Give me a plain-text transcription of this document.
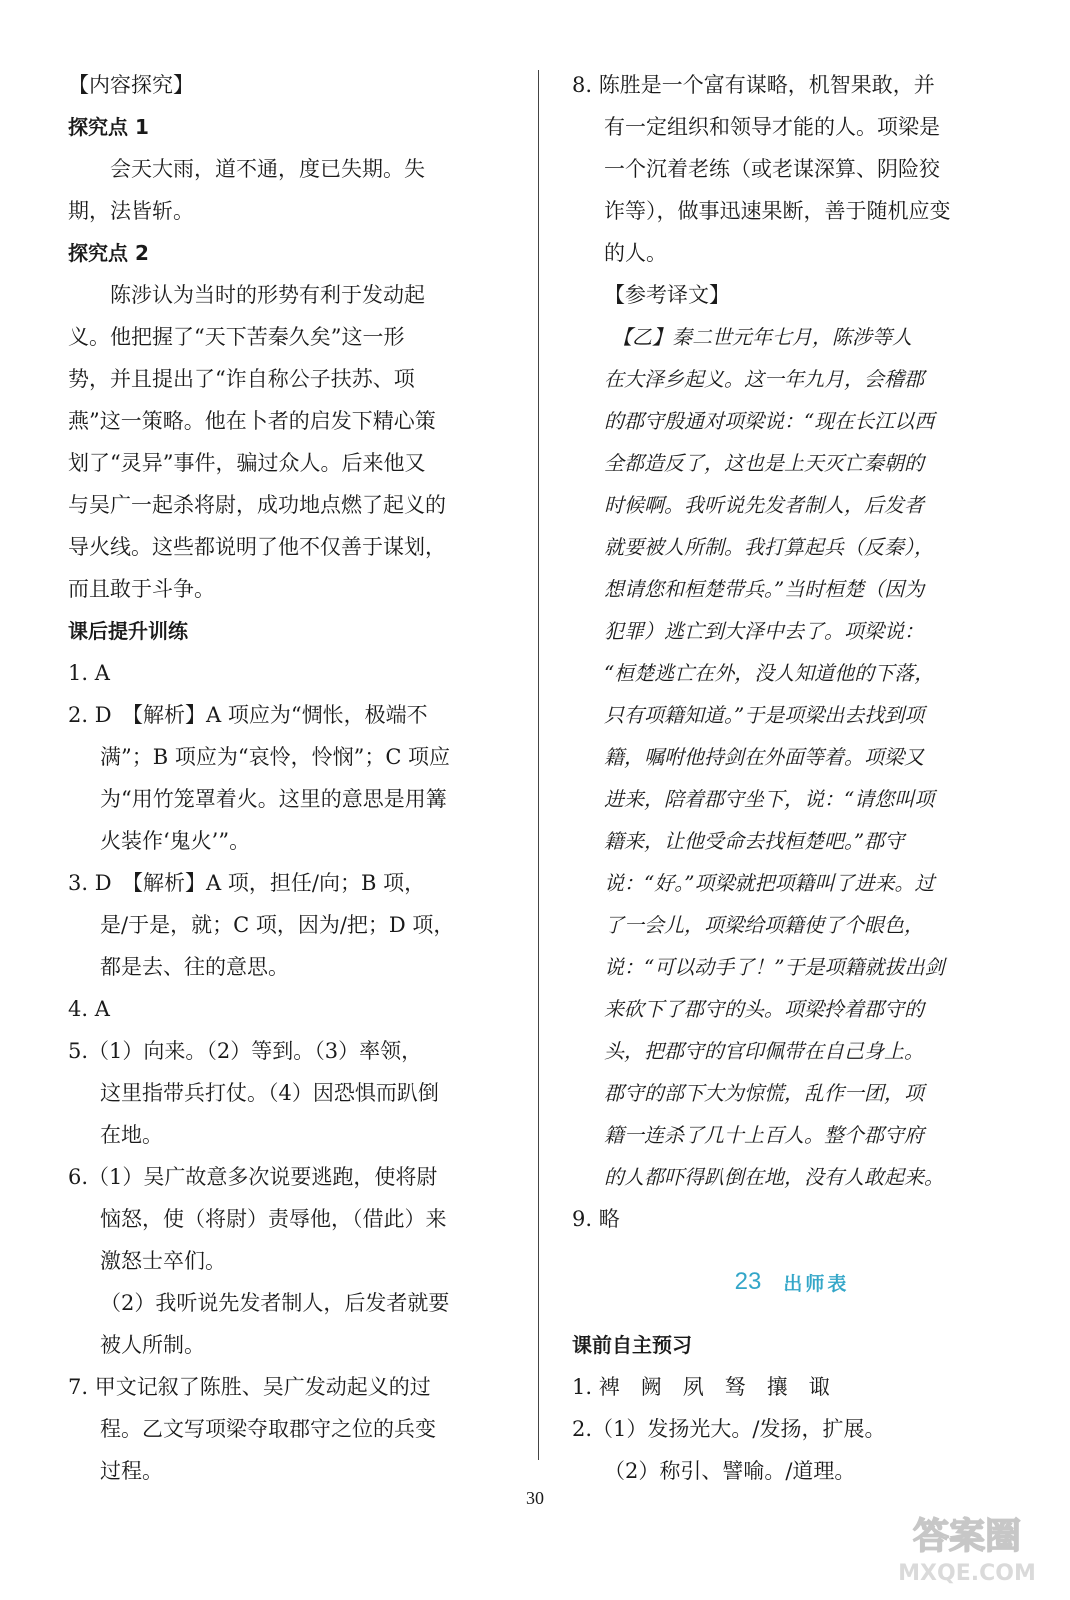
【内容探究】
探究点 1
会天大雨，道不通，度已失期。失
期，法皆斩。
探究点 2
陈涉认为当时的形势有利于发动起
义。他把握了“天下苦秦久矣”这一形
势，并且提出了“诈自称公子扶苏、项
燕”这一策略。他在卜者的启发下精心策
划了“灵异”事件，骗过众人。后来他又
与吴广一起杀将尉，成功地点燃了起义的
导火线。这些都说明了他不仅善于谋划，
而且敢于斗争。
课后提升训练
1. A
2. D　【解析】A 项应为“惆怅，极端不
满”；B 项应为“哀怜，怜悯”；C 项应
为“用竹笼罩着火。这里的意思是用篝
火装作‘鬼火’”。
3. D　【解析】A 项，担任/向；B 项，
是/于是，就；C 项，因为/把；D 项，
都是去、往的意思。
4. A
5.（1）向来。（2）等到。（3）率领，
这里指带兵打仗。（4）因恐惧而趴倒
在地。
6.（1）吴广故意多次说要逃跑，使将尉
恼怒，使（将尉）责辱他，（借此）来
激怒士卒们。
（2）我听说先发者制人，后发者就要
被人所制。
7. 甲文记叙了陈胜、吴广发动起义的过
程。乙文写项梁夺取郡守之位的兵变
过程。
8. 陈胜是一个富有谋略，机智果敢，并
有一定组织和领导才能的人。项梁是
一个沉着老练（或老谋深算、阴险狡
诈等），做事迅速果断，善于随机应变
的人。
【参考译文】
【乙】秦二世元年七月，陈涉等人
在大泽乡起义。这一年九月，会稽郡
的郡守殷通对项梁说：“现在长江以西
全都造反了，这也是上天灭亡秦朝的
时候啊。我听说先发者制人，后发者
就要被人所制。我打算起兵（反秦），
想请您和桓楚带兵。”当时桓楚（因为
犯罪）逃亡到大泽中去了。项梁说：
“桓楚逃亡在外，没人知道他的下落，
只有项籍知道。”于是项梁出去找到项
籍，嘱咐他持剑在外面等着。项梁又
进来，陪着郡守坐下，说：“请您叫项
籍来，让他受命去找桓楚吧。”郡守
说：“好。”项梁就把项籍叫了进来。过
了一会儿，项梁给项籍使了个眼色，
说：“可以动手了！”于是项籍就拔出剑
来砍下了郡守的头。项梁拎着郡守的
头，把郡守的官印佩带在自己身上。
郡守的部下大为惊慌，乱作一团，项
籍一连杀了几十上百人。整个郡守府
的人都吓得趴倒在地，没有人敢起来。
9. 略
23 出师表
课前自主预习
1. 裨　阙　夙　驽　攘　诹
2.（1）发扬光大。/发扬，扩展。
（2）称引、譬喻。/道理。
30
答案圈
MXQE.COM
